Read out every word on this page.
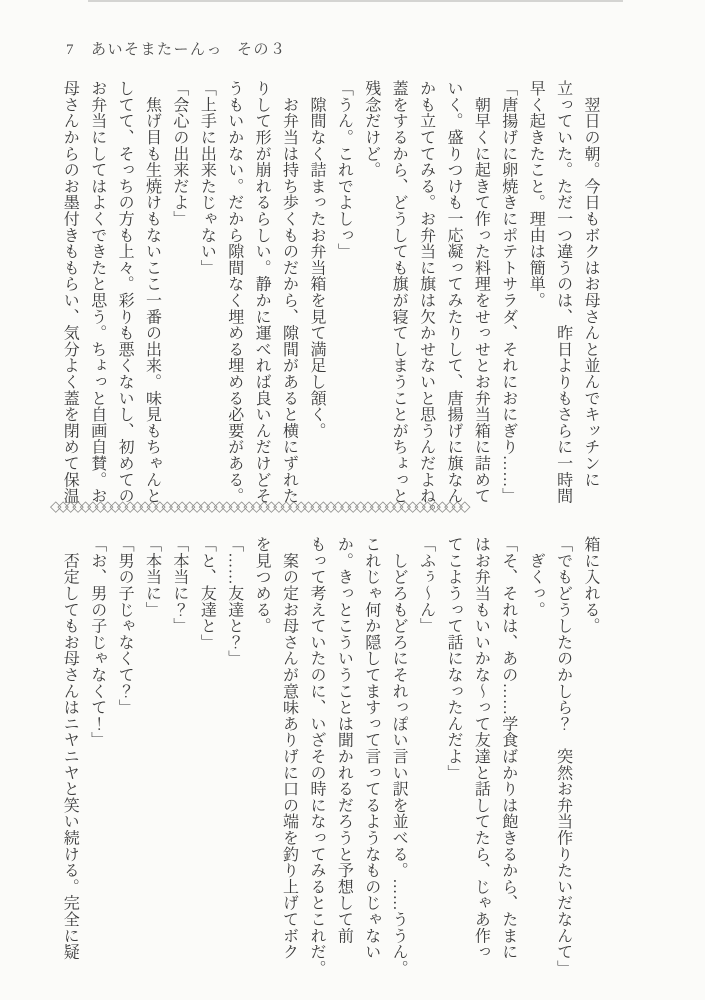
7 あいそまたーんっ その３

　翌日の朝。今日もボクはお母さんと並んでキッチンに

立っていた。ただ一つ違うのは、昨日よりもさらに一時間

早く起きたこと。理由は簡単。

「唐揚げに卵焼きにポテトサラダ、それにおにぎり……」

　朝早くに起きて作った料理をせっせとお弁当箱に詰めて

いく。盛りつけも一応凝ってみたりして、唐揚げに旗なん

かも立ててみる。お弁当に旗は欠かせないと思うんだよね。

蓋をするから、どうしても旗が寝てしまうことがちょっと

残念だけど。

「うん。これでよしっ」

　隙間なく詰まったお弁当箱を見て満足し頷く。

　お弁当は持ち歩くものだから、隙間があると横にずれた

りして形が崩れるらしい。静かに運べれば良いんだけどそ

うもいかない。だから隙間なく埋める埋める必要がある。

「上手に出来たじゃない」

「会心の出来だよ」

　焦げ目も生焼けもないここ一番の出来。味見もちゃんと

してて、そっちの方も上々。彩りも悪くないし、初めての

お弁当にしてはよくできたと思う。ちょっと自画自賛。お

母さんからのお墨付きももらい、気分よく蓋を閉めて保温

◇◇◇◇◇◇◇◇◇◇◇◇◇◇◇◇◇◇◇◇◇◇◇◇◇◇◇◇◇◇◇◇◇◇◇◇◇◇◇◇◇◇◇◇◇◇◇◇◇◇◇◇◇◇◇◇

箱に入れる。

「でもどうしたのかしら？　突然お弁当作りたいだなんて」

　ぎくっ。

「そ、それは、あの……学食ばかりは飽きるから、たまに

はお弁当もいいかな～って友達と話してたら、じゃあ作っ

てこようって話になったんだよ」

「ふぅ～ん」

　しどろもどろにそれっぽい言い訳を並べる。……ううん。

これじゃ何か隠してますって言ってるようなものじゃない

か。きっとこういうことは聞かれるだろうと予想して前

もって考えていたのに、いざその時になってみるとこれだ。

　案の定お母さんが意味ありげに口の端を釣り上げてボク

を見つめる。

「……友達と？」

「と、友達と」

「本当に？」

「本当に」

「男の子じゃなくて？」

「お、男の子じゃなくて！」

　否定してもお母さんはニヤニヤと笑い続ける。完全に疑
